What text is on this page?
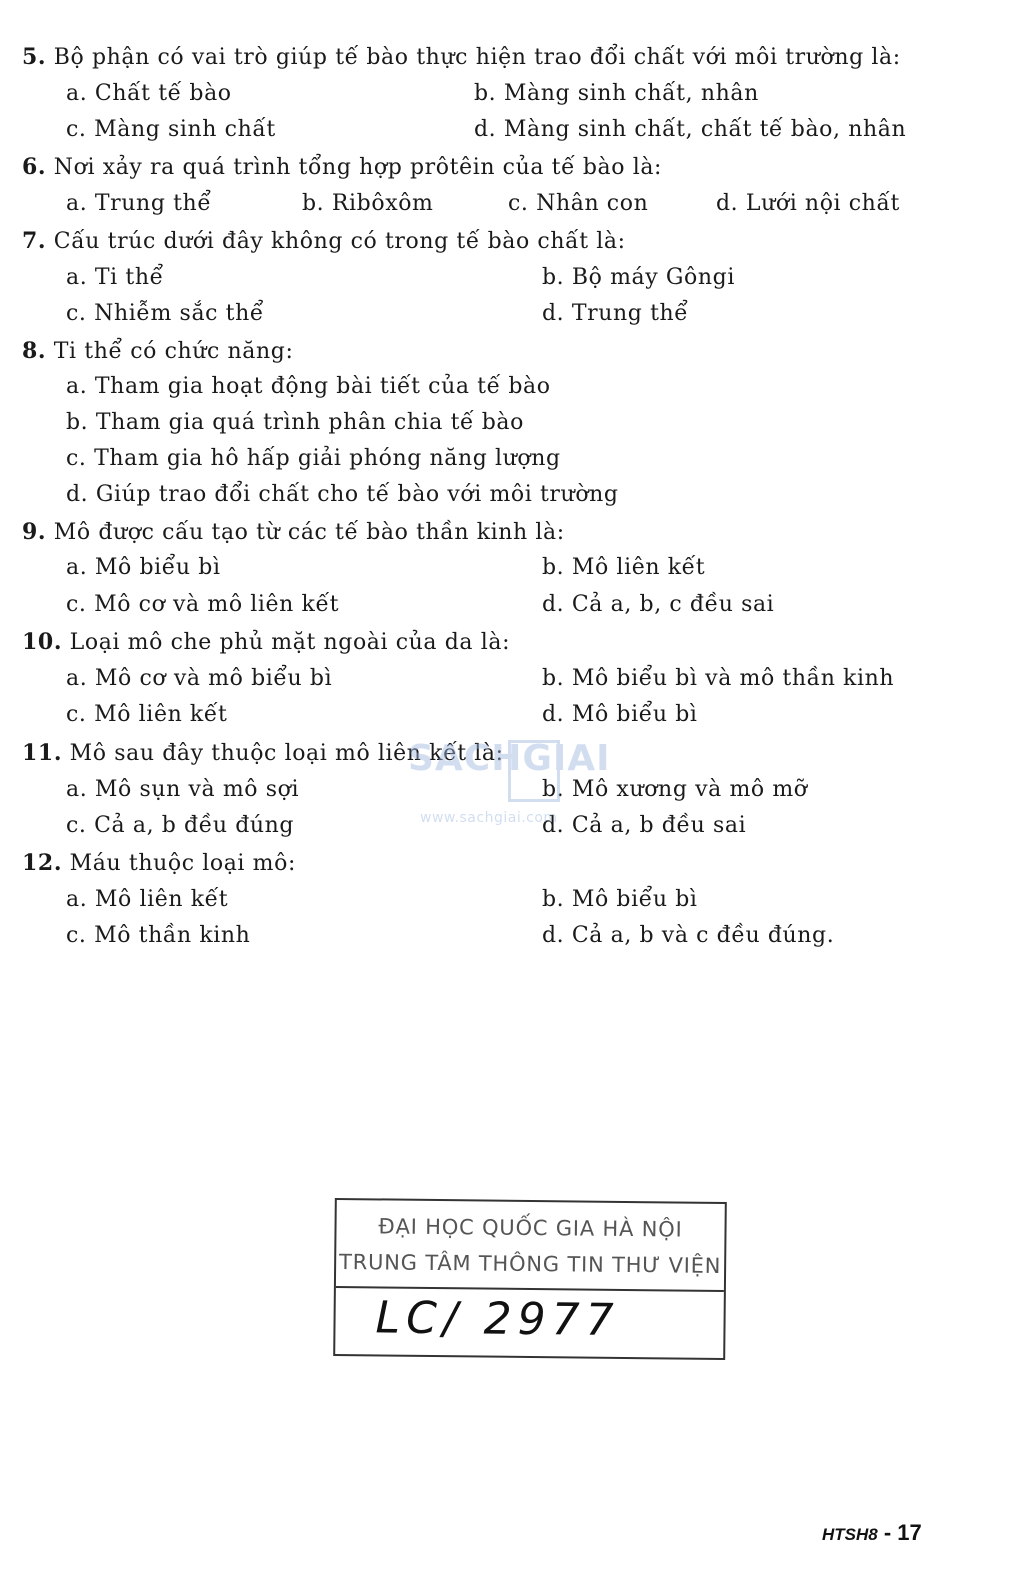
5. Bộ phận có vai trò giúp tế bào thực hiện trao đổi chất với môi trường là:
a. Chất tế bào	b. Màng sinh chất, nhân
c. Màng sinh chất	d. Màng sinh chất, chất tế bào, nhân
6. Nơi xảy ra quá trình tổng hợp prôtêin của tế bào là:
a. Trung thể	b. Ribôxôm	c. Nhân con	d. Lưới nội chất
7. Cấu trúc dưới đây không có trong tế bào chất là:
a. Ti thể	b. Bộ máy Gôngi
c. Nhiễm sắc thể	d. Trung thể
8. Ti thể có chức năng:
a. Tham gia hoạt động bài tiết của tế bào
b. Tham gia quá trình phân chia tế bào
c. Tham gia hô hấp giải phóng năng lượng
d. Giúp trao đổi chất cho tế bào với môi trường
9. Mô được cấu tạo từ các tế bào thần kinh là:
a. Mô biểu bì	b. Mô liên kết
c. Mô cơ và mô liên kết	d. Cả a, b, c đều sai
10. Loại mô che phủ mặt ngoài của da là:
a. Mô cơ và mô biểu bì	b. Mô biểu bì và mô thần kinh
c. Mô liên kết	d. Mô biểu bì
11. Mô sau đây thuộc loại mô liên kết là:
a. Mô sụn và mô sợi	b. Mô xương và mô mỡ
c. Cả a, b đều đúng	d. Cả a, b đều sai
12. Máu thuộc loại mô:
a. Mô liên kết	b. Mô biểu bì
c. Mô thần kinh	d. Cả a, b và c đều đúng.
SACHGIAI
www.sachgiai.com
ĐẠI HỌC QUỐC GIA HÀ NỘI
TRUNG TÂM THÔNG TIN THƯ VIỆN
LC/ 2977
HTSH8 - 17
